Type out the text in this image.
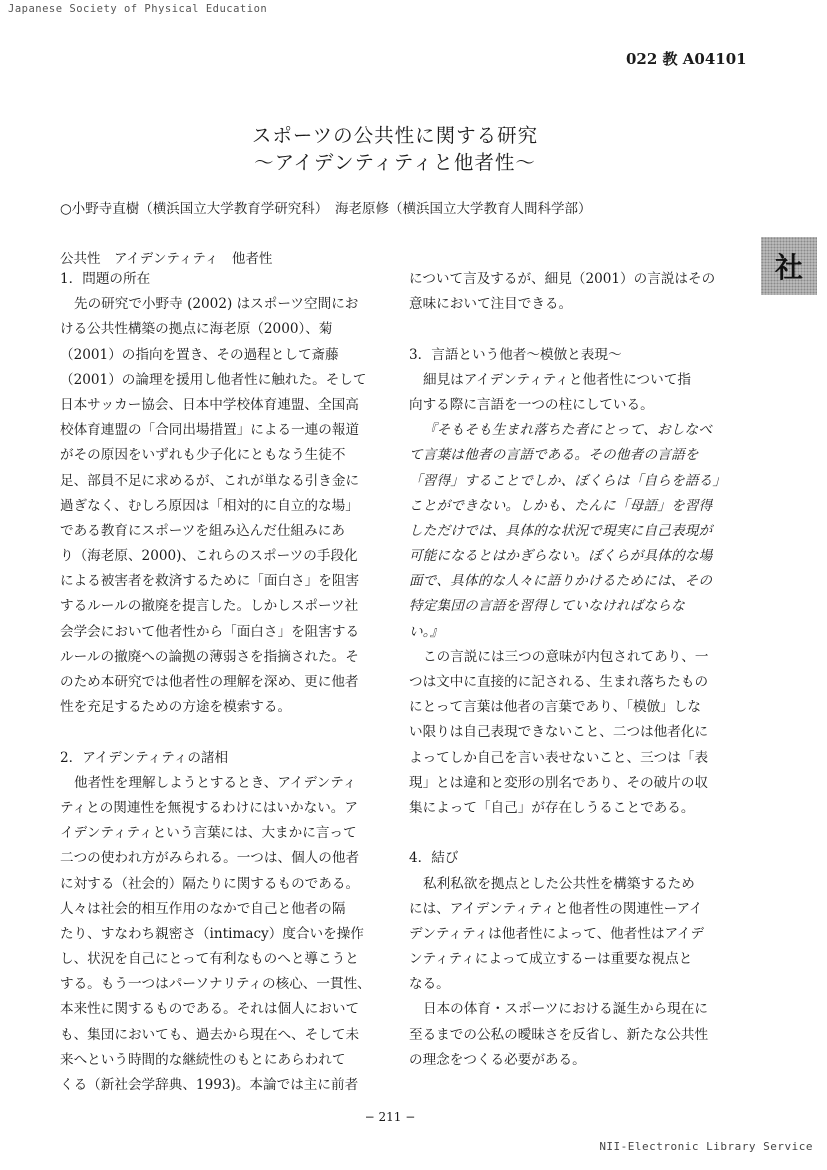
Japanese Society of Physical Education
022 教 A04101
スポーツの公共性に関する研究
〜アイデンティティと他者性〜
○小野寺直樹（横浜国立大学教育学研究科）　海老原修（横浜国立大学教育人間科学部）
公共性　アイデンティティ　他者性	社
1．問題の所在
先の研究で小野寺 (2002) はスポーツ空間にお
ける公共性構築の拠点に海老原（2000）、菊
（2001）の指向を置き、その過程として斎藤
（2001）の論理を援用し他者性に触れた。そして
日本サッカー協会、日本中学校体育連盟、全国高
校体育連盟の「合同出場措置」による一連の報道
がその原因をいずれも少子化にともなう生徒不
足、部員不足に求めるが、これが単なる引き金に
過ぎなく、むしろ原因は「相対的に自立的な場」
である教育にスポーツを組み込んだ仕組みにあ
り（海老原、2000)、これらのスポーツの手段化
による被害者を救済するために「面白さ」を阻害
するルールの撤廃を提言した。しかしスポーツ社
会学会において他者性から「面白さ」を阻害する
ルールの撤廃への論拠の薄弱さを指摘された。そ
のため本研究では他者性の理解を深め、更に他者
性を充足するための方途を模索する。
2．アイデンティティの諸相
他者性を理解しようとするとき、アイデンティ
ティとの関連性を無視するわけにはいかない。ア
イデンティティという言葉には、大まかに言って
二つの使われ方がみられる。一つは、個人の他者
に対する（社会的）隔たりに関するものである。
人々は社会的相互作用のなかで自己と他者の隔
たり、すなわち親密さ（intimacy）度合いを操作
し、状況を自己にとって有利なものへと導こうと
する。もう一つはパーソナリティの核心、一貫性、
本来性に関するものである。それは個人において
も、集団においても、過去から現在へ、そして未
来へという時間的な継続性のもとにあらわれて
くる（新社会学辞典、1993)。本論では主に前者
について言及するが、細見（2001）の言説はその
意味において注目できる。
3．言語という他者〜模倣と表現〜
細見はアイデンティティと他者性について指
向する際に言語を一つの柱にしている。
『そもそも生まれ落ちた者にとって、おしなべ
て言葉は他者の言語である。その他者の言語を
「習得」することでしか、ぼくらは「自らを語る」
ことができない。しかも、たんに「母語」を習得
しただけでは、具体的な状況で現実に自己表現が
可能になるとはかぎらない。ぼくらが具体的な場
面で、具体的な人々に語りかけるためには、その
特定集団の言語を習得していなければならな
い。』
この言説には三つの意味が内包されてあり、一
つは文中に直接的に記される、生まれ落ちたもの
にとって言葉は他者の言葉であり、「模倣」しな
い限りは自己表現できないこと、二つは他者化に
よってしか自己を言い表せないこと、三つは「表
現」とは違和と変形の別名であり、その破片の収
集によって「自己」が存在しうることである。
4．結び
私利私欲を拠点とした公共性を構築するため
には、アイデンティティと他者性の関連性ーアイ
デンティティは他者性によって、他者性はアイデ
ンティティによって成立するーは重要な視点と
なる。
日本の体育・スポーツにおける誕生から現在に
至るまでの公私の曖昧さを反省し、新たな公共性
の理念をつくる必要がある。
− 211 −
NII-Electronic Library Service
